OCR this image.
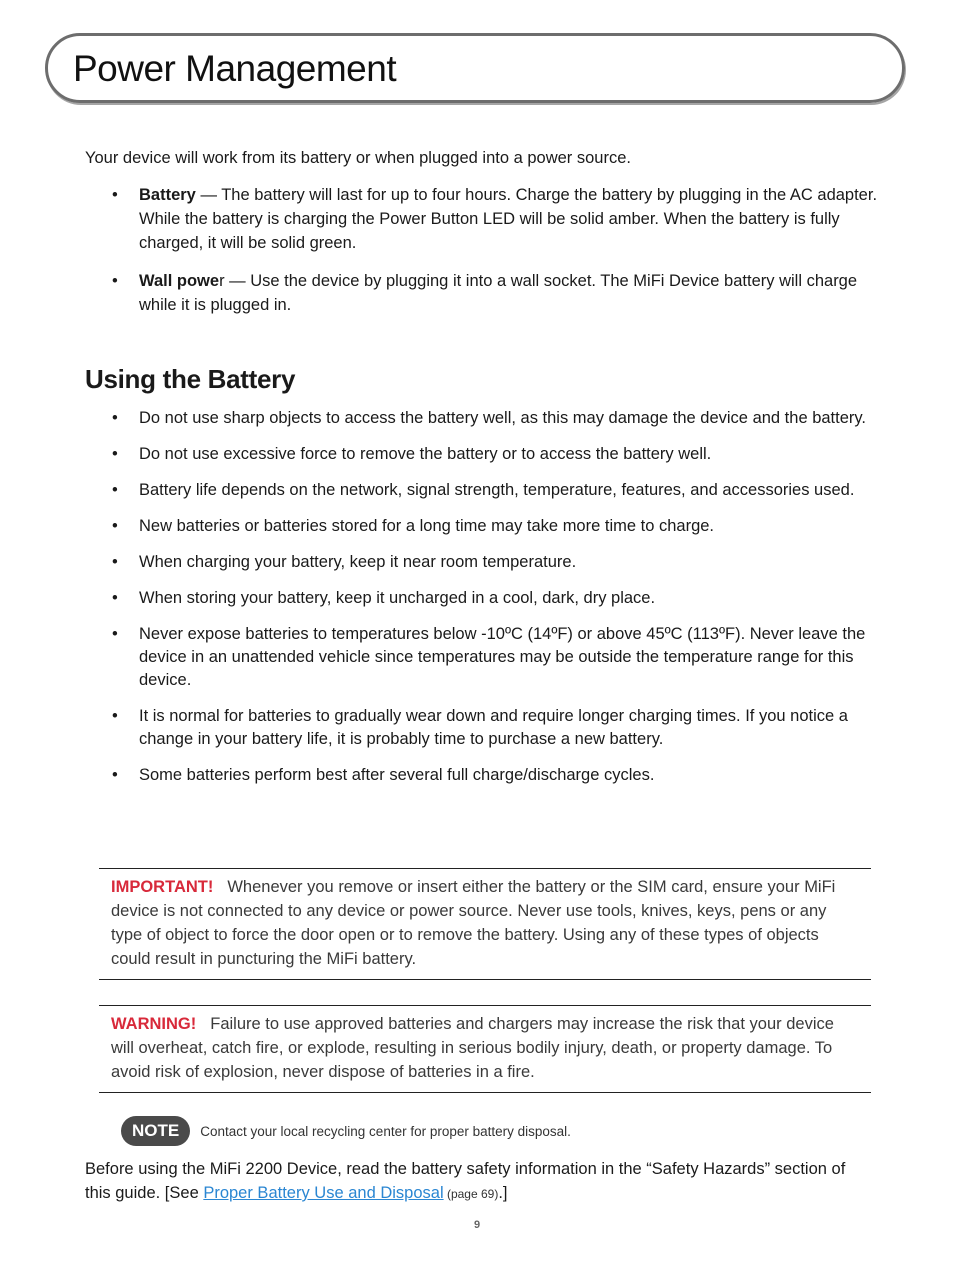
Power Management

Your device will work from its battery or when plugged into a power source.

• Battery — The battery will last for up to four hours. Charge the battery by plugging in the AC adapter. While the battery is charging the Power Button LED will be solid amber. When the battery is fully charged, it will be solid green.
• Wall power — Use the device by plugging it into a wall socket. The MiFi Device battery will charge while it is plugged in.
Using the Battery
• Do not use sharp objects to access the battery well, as this may damage the device and the battery.
• Do not use excessive force to remove the battery or to access the battery well.
• Battery life depends on the network, signal strength, temperature, features, and accessories used.
• New batteries or batteries stored for a long time may take more time to charge.
• When charging your battery, keep it near room temperature.
• When storing your battery, keep it uncharged in a cool, dark, dry place.
• Never expose batteries to temperatures below -10ºC (14ºF) or above 45ºC (113ºF). Never leave the device in an unattended vehicle since temperatures may be outside the temperature range for this device.
• It is normal for batteries to gradually wear down and require longer charging times. If you notice a change in your battery life, it is probably time to purchase a new battery.
• Some batteries perform best after several full charge/discharge cycles.
IMPORTANT! Whenever you remove or insert either the battery or the SIM card, ensure your MiFi device is not connected to any device or power source. Never use tools, knives, keys, pens or any type of object to force the door open or to remove the battery. Using any of these types of objects could result in puncturing the MiFi battery.
WARNING! Failure to use approved batteries and chargers may increase the risk that your device will overheat, catch fire, or explode, resulting in serious bodily injury, death, or property damage. To avoid risk of explosion, never dispose of batteries in a fire.
NOTE	Contact your local recycling center for proper battery disposal.

Before using the MiFi 2200 Device, read the battery safety information in the “Safety Hazards” section of this guide. [See Proper Battery Use and Disposal (page 69).]

9
